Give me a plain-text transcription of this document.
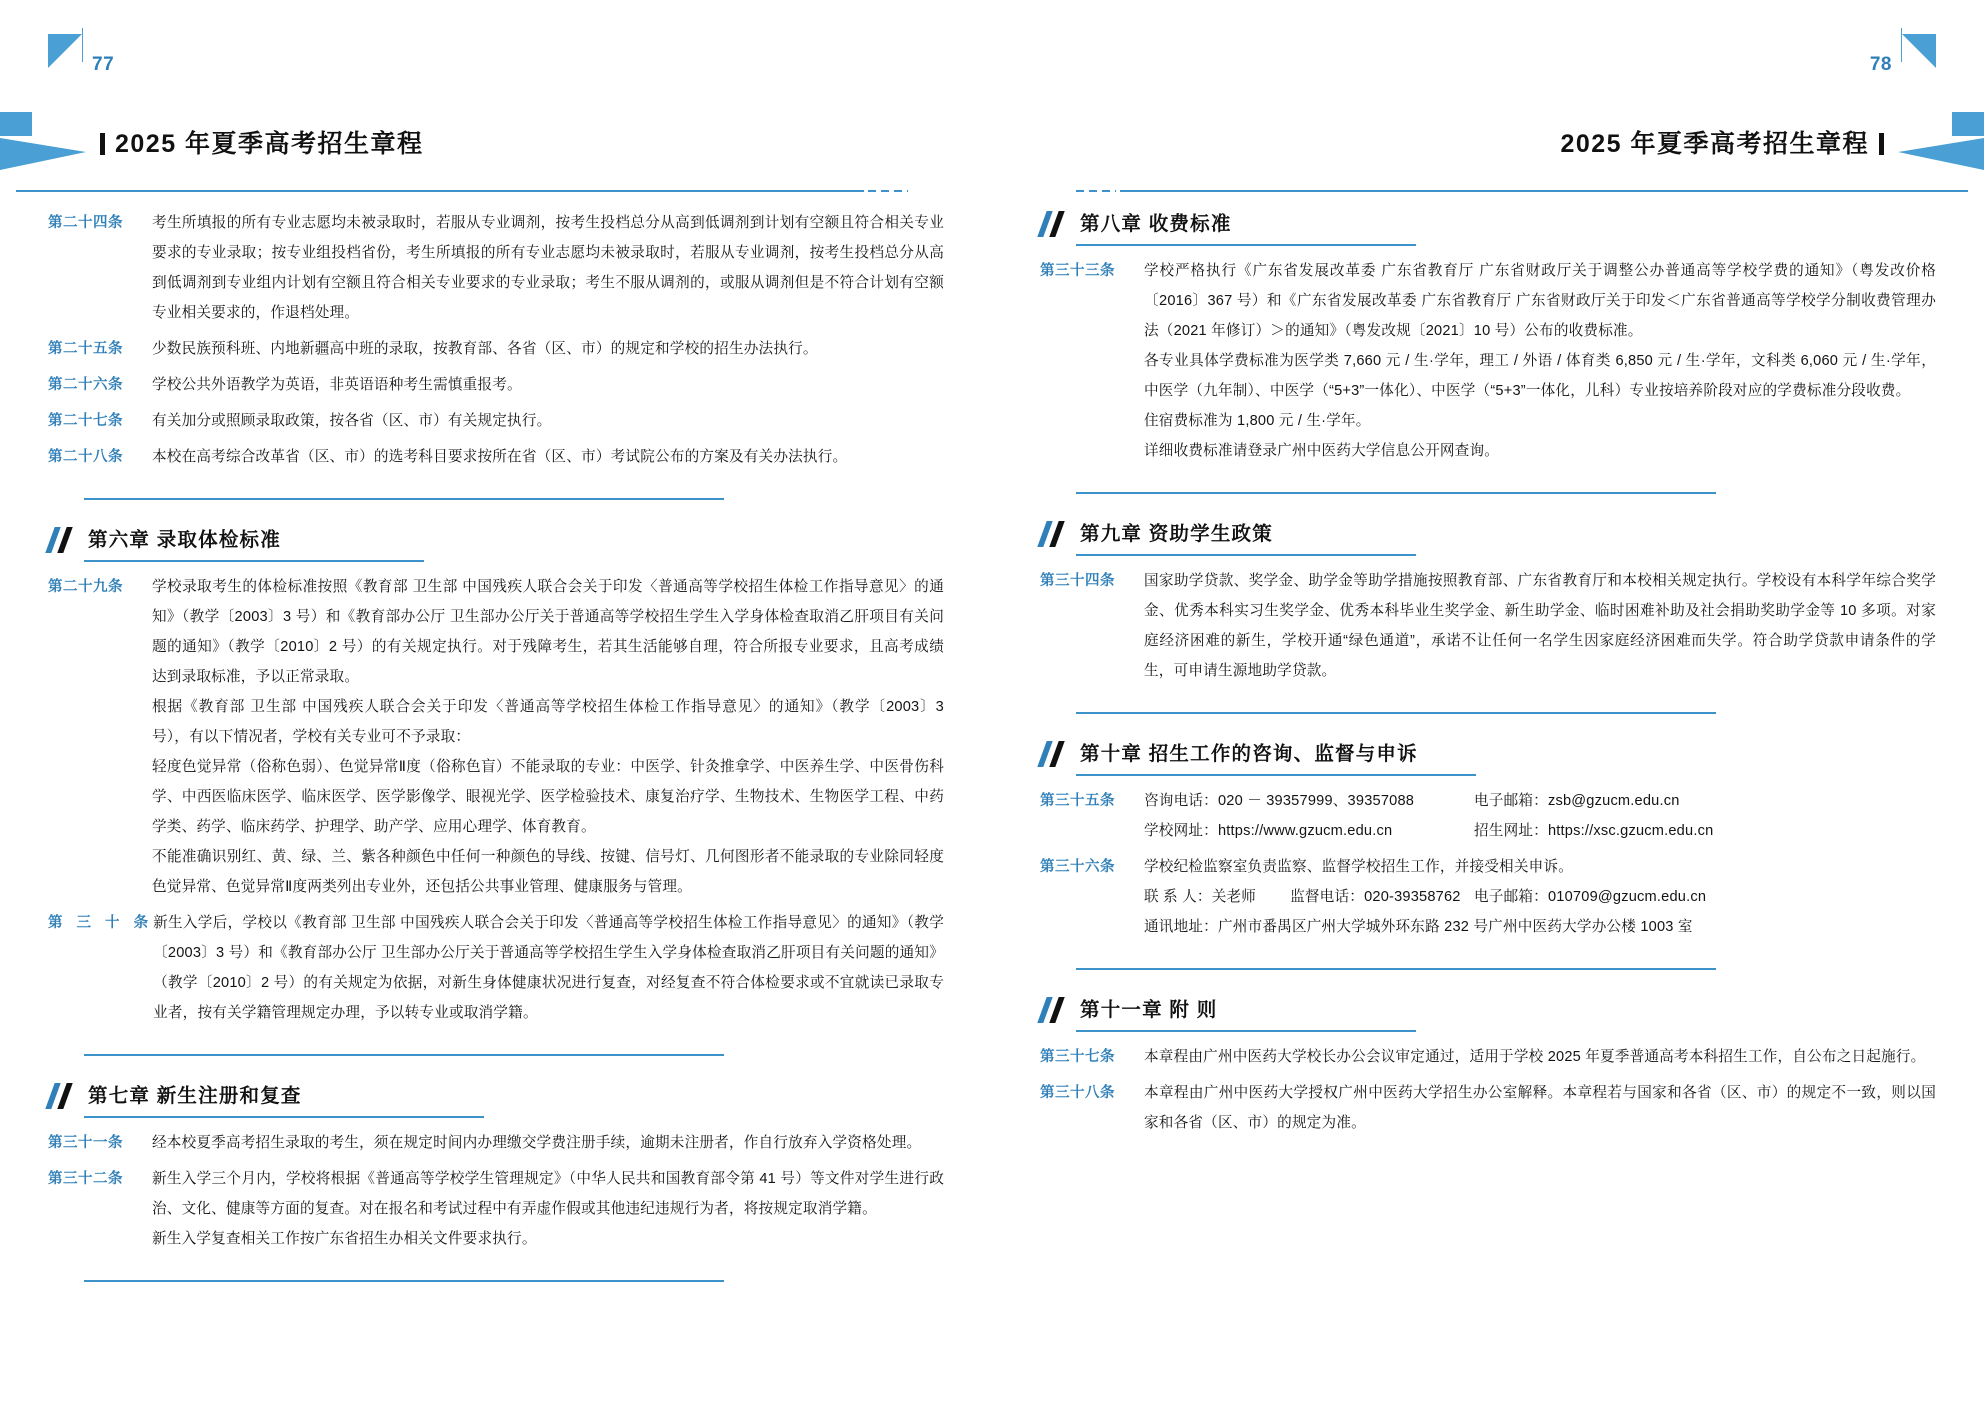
77
2025 年夏季高考招生章程
第二十四条	考生所填报的所有专业志愿均未被录取时，若服从专业调剂，按考生投档总分从高到低调剂到计划有空额且符合相关专业要求的专业录取；按专业组投档省份，考生所填报的所有专业志愿均未被录取时，若服从专业调剂，按考生投档总分从高到低调剂到专业组内计划有空额且符合相关专业要求的专业录取；考生不服从调剂的，或服从调剂但是不符合计划有空额专业相关要求的，作退档处理。

第二十五条	少数民族预科班、内地新疆高中班的录取，按教育部、各省（区、市）的规定和学校的招生办法执行。

第二十六条	学校公共外语教学为英语，非英语语种考生需慎重报考。

第二十七条	有关加分或照顾录取政策，按各省（区、市）有关规定执行。

第二十八条	本校在高考综合改革省（区、市）的选考科目要求按所在省（区、市）考试院公布的方案及有关办法执行。

第六章 录取体检标准
第二十九条	学校录取考生的体检标准按照《教育部 卫生部 中国残疾人联合会关于印发〈普通高等学校招生体检工作指导意见〉的通知》（教学〔2003〕3 号）和《教育部办公厅 卫生部办公厅关于普通高等学校招生学生入学身体检查取消乙肝项目有关问题的通知》（教学〔2010〕2 号）的有关规定执行。对于残障考生，若其生活能够自理，符合所报专业要求，且高考成绩达到录取标准，予以正常录取。

根据《教育部 卫生部 中国残疾人联合会关于印发〈普通高等学校招生体检工作指导意见〉的通知》（教学〔2003〕3 号），有以下情况者，学校有关专业可不予录取：

轻度色觉异常（俗称色弱）、色觉异常Ⅱ度（俗称色盲）不能录取的专业：中医学、针灸推拿学、中医养生学、中医骨伤科学、中西医临床医学、临床医学、医学影像学、眼视光学、医学检验技术、康复治疗学、生物技术、生物医学工程、中药学类、药学、临床药学、护理学、助产学、应用心理学、体育教育。

不能准确识别红、黄、绿、兰、紫各种颜色中任何一种颜色的导线、按键、信号灯、几何图形者不能录取的专业除同轻度色觉异常、色觉异常Ⅱ度两类列出专业外，还包括公共事业管理、健康服务与管理。

第 三 十 条 新生入学后，学校以《教育部 卫生部 中国残疾人联合会关于印发〈普通高等学校招生体检工作指导意见〉的通知》（教学〔2003〕3 号）和《教育部办公厅 卫生部办公厅关于普通高等学校招生学生入学身体检查取消乙肝项目有关问题的通知》（教学〔2010〕2 号）的有关规定为依据，对新生身体健康状况进行复查，对经复查不符合体检要求或不宜就读已录取专业者，按有关学籍管理规定办理，予以转专业或取消学籍。

第七章 新生注册和复查
第三十一条	经本校夏季高考招生录取的考生，须在规定时间内办理缴交学费注册手续，逾期未注册者，作自行放弃入学资格处理。

第三十二条	新生入学三个月内，学校将根据《普通高等学校学生管理规定》（中华人民共和国教育部令第 41 号）等文件对学生进行政治、文化、健康等方面的复查。对在报名和考试过程中有弄虚作假或其他违纪违规行为者，将按规定取消学籍。

新生入学复查相关工作按广东省招生办相关文件要求执行。

78
2025 年夏季高考招生章程
第八章 收费标准
第三十三条	学校严格执行《广东省发展改革委 广东省教育厅 广东省财政厅关于调整公办普通高等学校学费的通知》（粤发改价格〔2016〕367 号）和《广东省发展改革委 广东省教育厅 广东省财政厅关于印发＜广东省普通高等学校学分制收费管理办法（2021 年修订）＞的通知》（粤发改规〔2021〕10 号）公布的收费标准。

各专业具体学费标准为医学类 7,660 元 / 生·学年，理工 / 外语 / 体育类 6,850 元 / 生·学年，文科类 6,060 元 / 生·学年，中医学（九年制）、中医学（“5+3”一体化）、中医学（“5+3”一体化，儿科）专业按培养阶段对应的学费标准分段收费。

住宿费标准为 1,800 元 / 生·学年。

详细收费标准请登录广州中医药大学信息公开网查询。

第九章 资助学生政策
第三十四条	国家助学贷款、奖学金、助学金等助学措施按照教育部、广东省教育厅和本校相关规定执行。学校设有本科学年综合奖学金、优秀本科实习生奖学金、优秀本科毕业生奖学金、新生助学金、临时困难补助及社会捐助奖助学金等 10 多项。对家庭经济困难的新生，学校开通“绿色通道”，承诺不让任何一名学生因家庭经济困难而失学。符合助学贷款申请条件的学生，可申请生源地助学贷款。

第十章 招生工作的咨询、监督与申诉
第三十五条	咨询电话：020 － 39357999、39357088	电子邮箱：zsb@gzucm.edu.cn
学校网址：https://www.gzucm.edu.cn	招生网址：https://xsc.gzucm.edu.cn
第三十六条	学校纪检监察室负责监察、监督学校招生工作，并接受相关申诉。

联 系 人：关老师 监督电话：020-39358762 电子邮箱：010709@gzucm.edu.cn

通讯地址：广州市番禺区广州大学城外环东路 232 号广州中医药大学办公楼 1003 室

第十一章 附 则
第三十七条	本章程由广州中医药大学校长办公会议审定通过，适用于学校 2025 年夏季普通高考本科招生工作，自公布之日起施行。

第三十八条	本章程由广州中医药大学授权广州中医药大学招生办公室解释。本章程若与国家和各省（区、市）的规定不一致，则以国家和各省（区、市）的规定为准。
